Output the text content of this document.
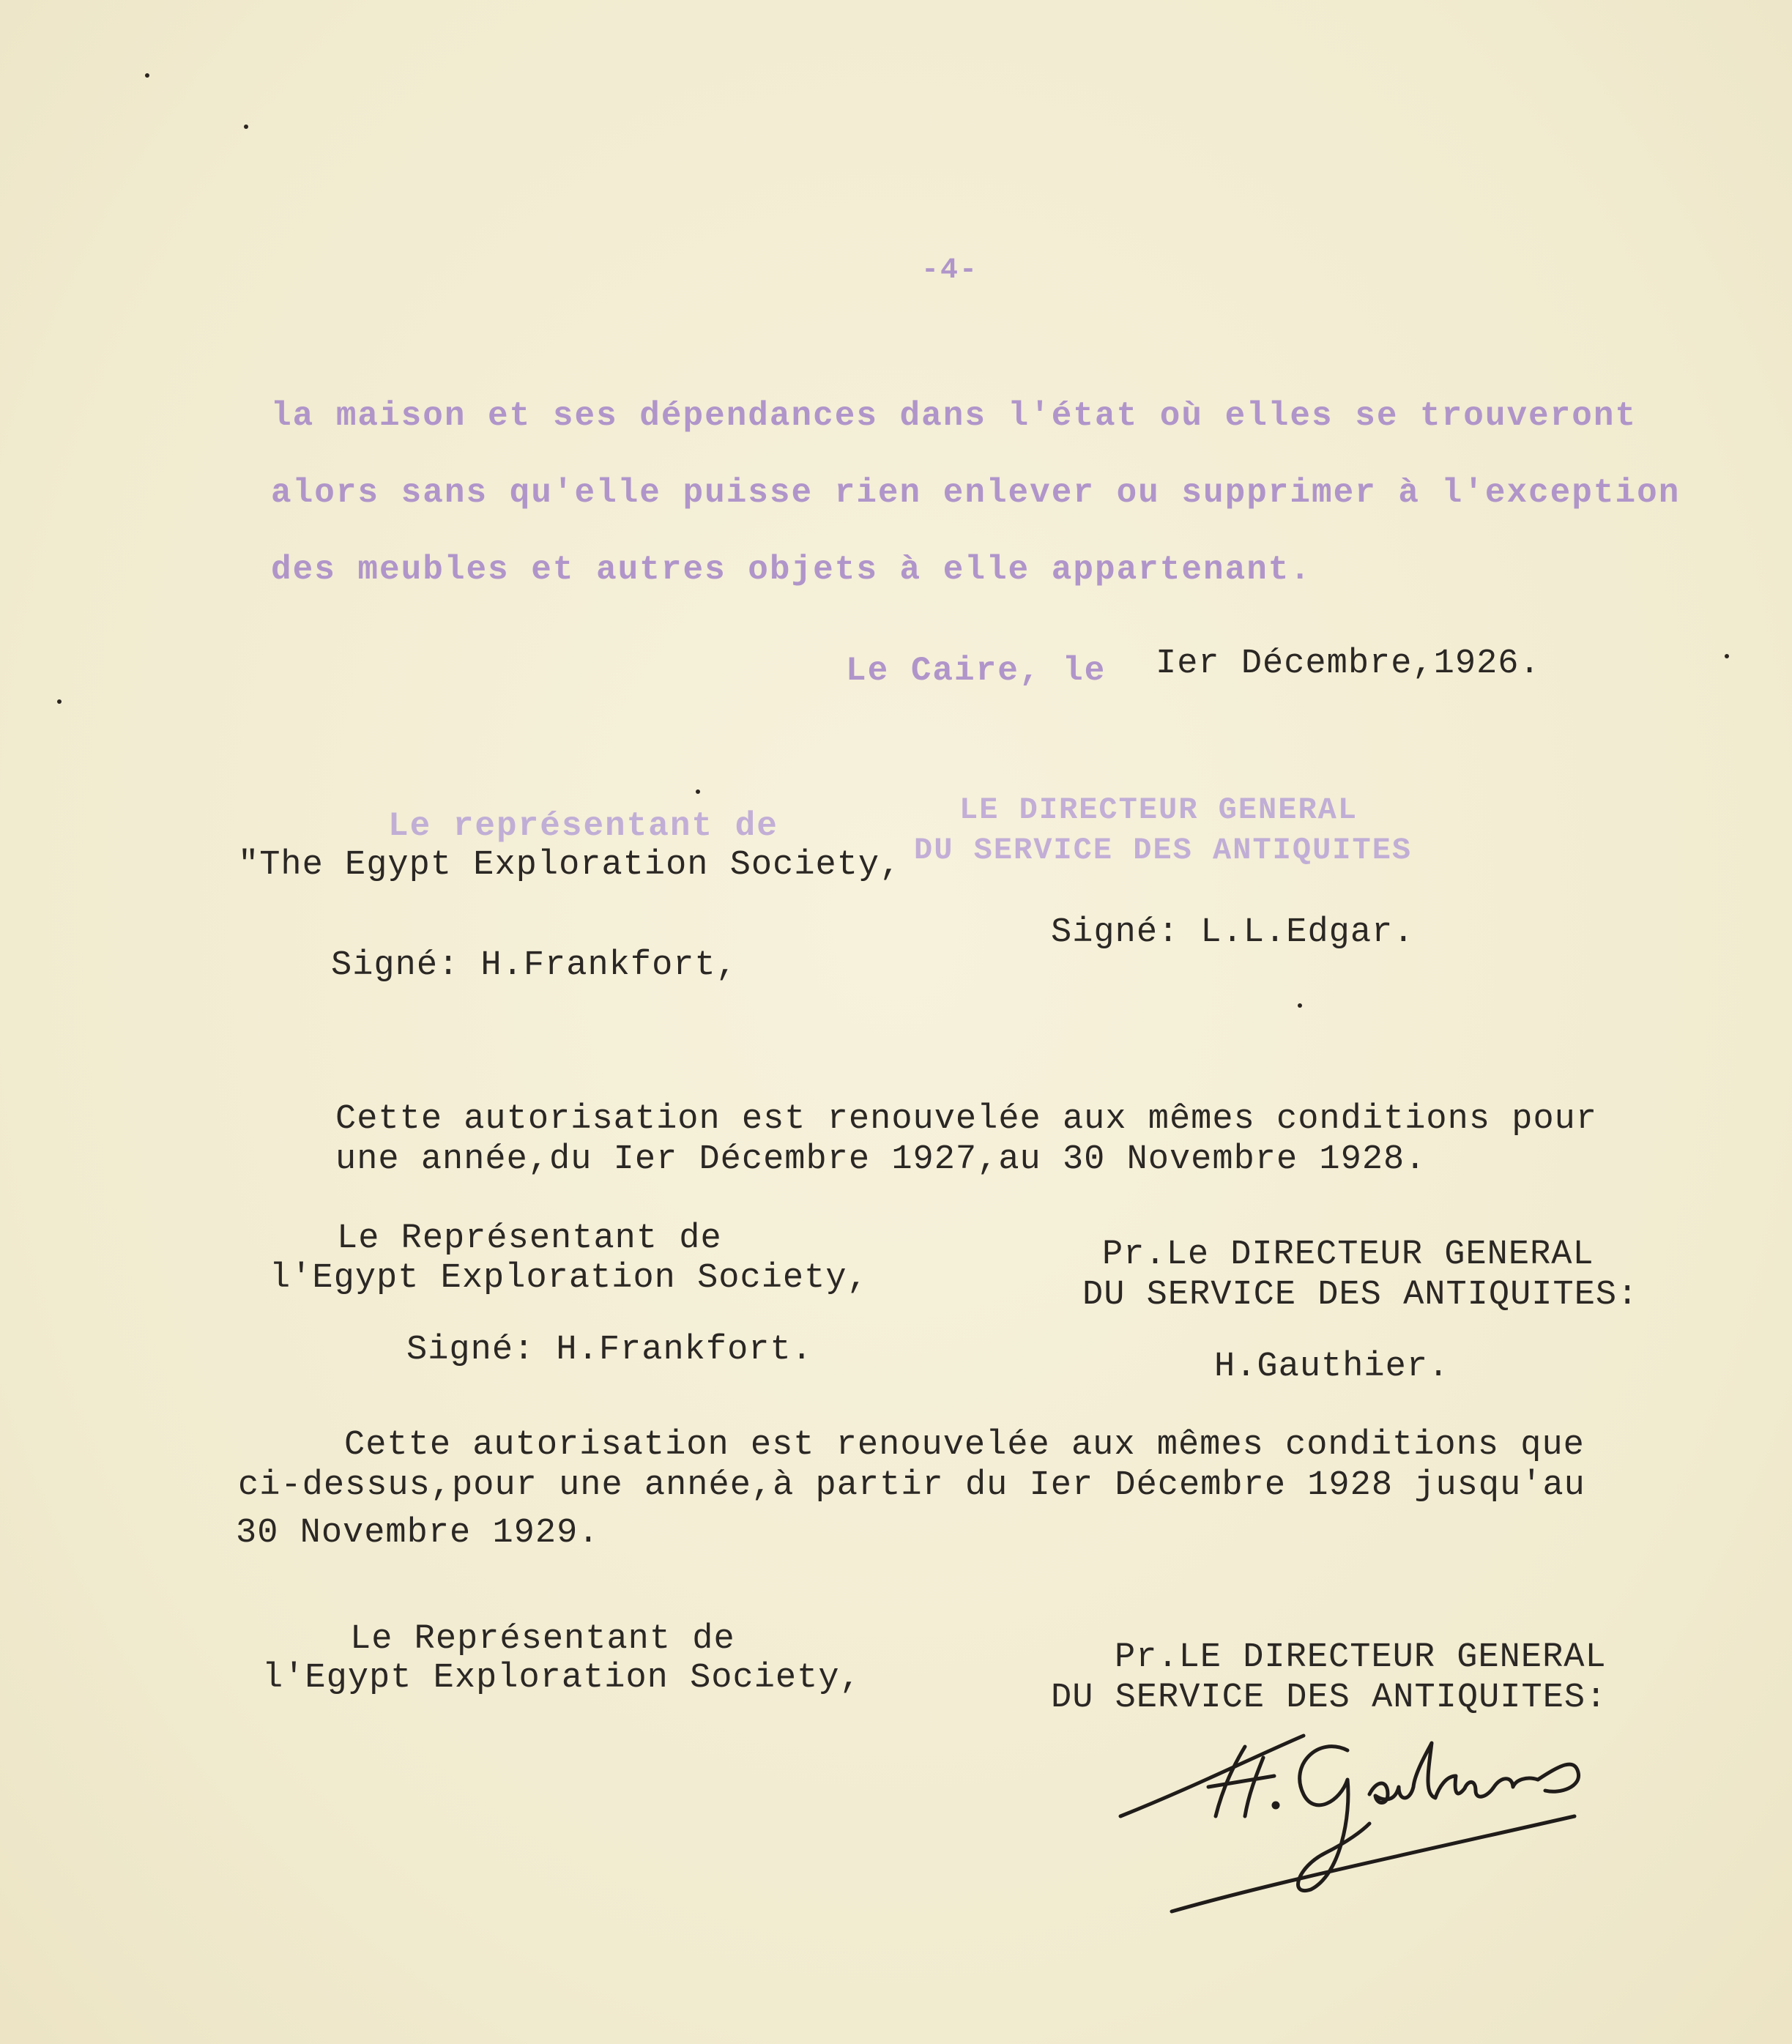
-4-
la maison et ses dépendances dans l'état où elles se trouveront
alors sans qu'elle puisse rien enlever ou supprimer à l'exception
des meubles et autres objets à elle appartenant.
Le Caire, le Ier Décembre,1926.
Le représentant de	LE DIRECTEUR GENERAL
"The Egypt Exploration Society, DU SERVICE DES ANTIQUITES
Signé: L.L.Edgar.
Signé: H.Frankfort,
Cette autorisation est renouvelée aux mêmes conditions pour
une année,du Ier Décembre 1927,au 30 Novembre 1928.
Le Représentant de
l'Egypt Exploration Society,
Pr.Le DIRECTEUR GENERAL
DU SERVICE DES ANTIQUITES:
Signé: H.Frankfort.	H.Gauthier.
Cette autorisation est renouvelée aux mêmes conditions que
ci-dessus,pour une année,à partir du Ier Décembre 1928 jusqu'au
30 Novembre 1929.
Le Représentant de
l'Egypt Exploration Society,
Pr.LE DIRECTEUR GENERAL
DU SERVICE DES ANTIQUITES:
